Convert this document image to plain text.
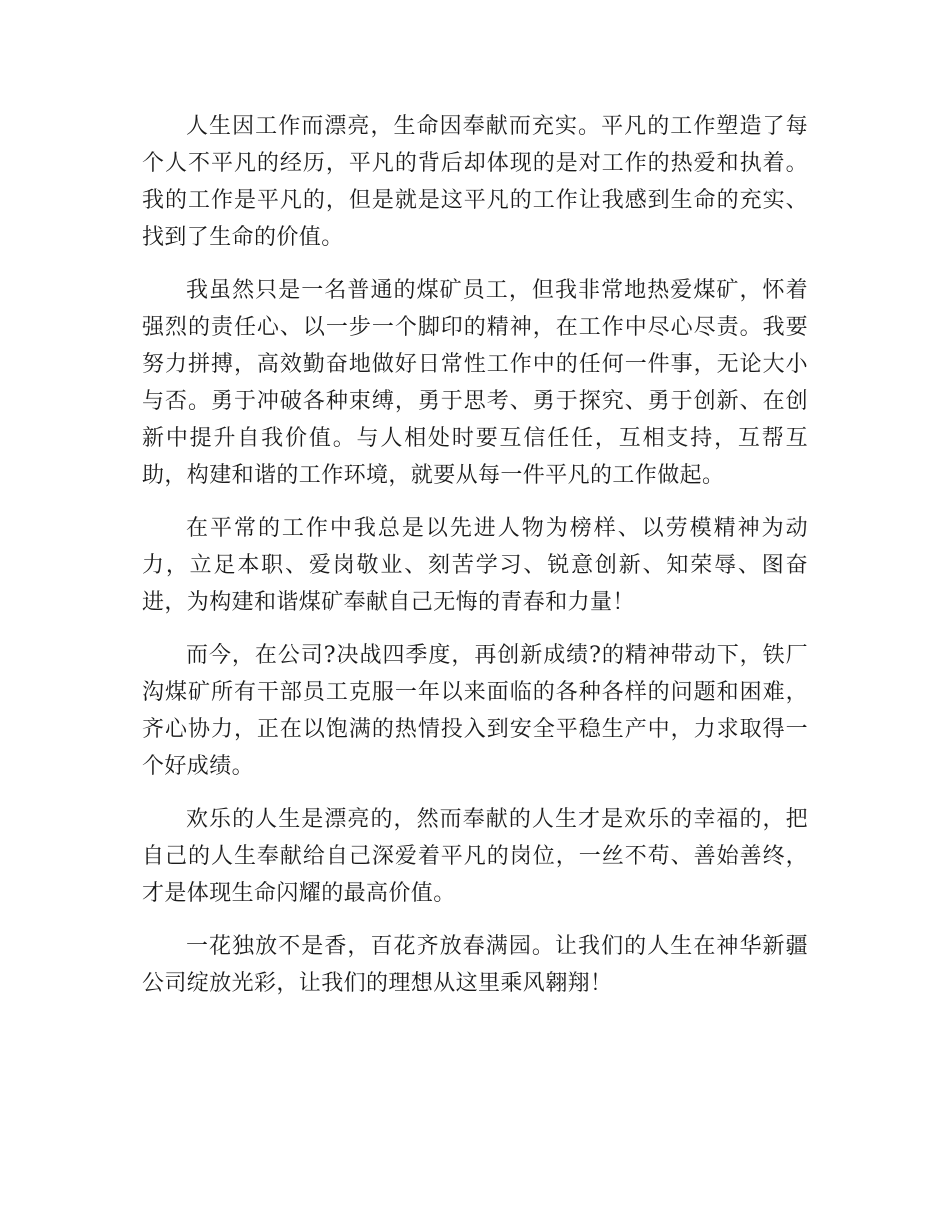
人生因工作而漂亮，生命因奉献而充实。平凡的工作塑造了每个人不平凡的经历，平凡的背后却体现的是对工作的热爱和执着。我的工作是平凡的，但是就是这平凡的工作让我感到生命的充实、找到了生命的价值。

我虽然只是一名普通的煤矿员工，但我非常地热爱煤矿，怀着强烈的责任心、以一步一个脚印的精神，在工作中尽心尽责。我要努力拼搏，高效勤奋地做好日常性工作中的任何一件事，无论大小与否。勇于冲破各种束缚，勇于思考、勇于探究、勇于创新、在创新中提升自我价值。与人相处时要互信任任，互相支持，互帮互助，构建和谐的工作环境，就要从每一件平凡的工作做起。

在平常的工作中我总是以先进人物为榜样、以劳模精神为动力，立足本职、爱岗敬业、刻苦学习、锐意创新、知荣辱、图奋进，为构建和谐煤矿奉献自己无悔的青春和力量！

而今，在公司?决战四季度，再创新成绩?的精神带动下，铁厂沟煤矿所有干部员工克服一年以来面临的各种各样的问题和困难，齐心协力，正在以饱满的热情投入到安全平稳生产中，力求取得一个好成绩。

欢乐的人生是漂亮的，然而奉献的人生才是欢乐的幸福的，把自己的人生奉献给自己深爱着平凡的岗位，一丝不苟、善始善终，才是体现生命闪耀的最高价值。

一花独放不是香，百花齐放春满园。让我们的人生在神华新疆公司绽放光彩，让我们的理想从这里乘风翱翔！
